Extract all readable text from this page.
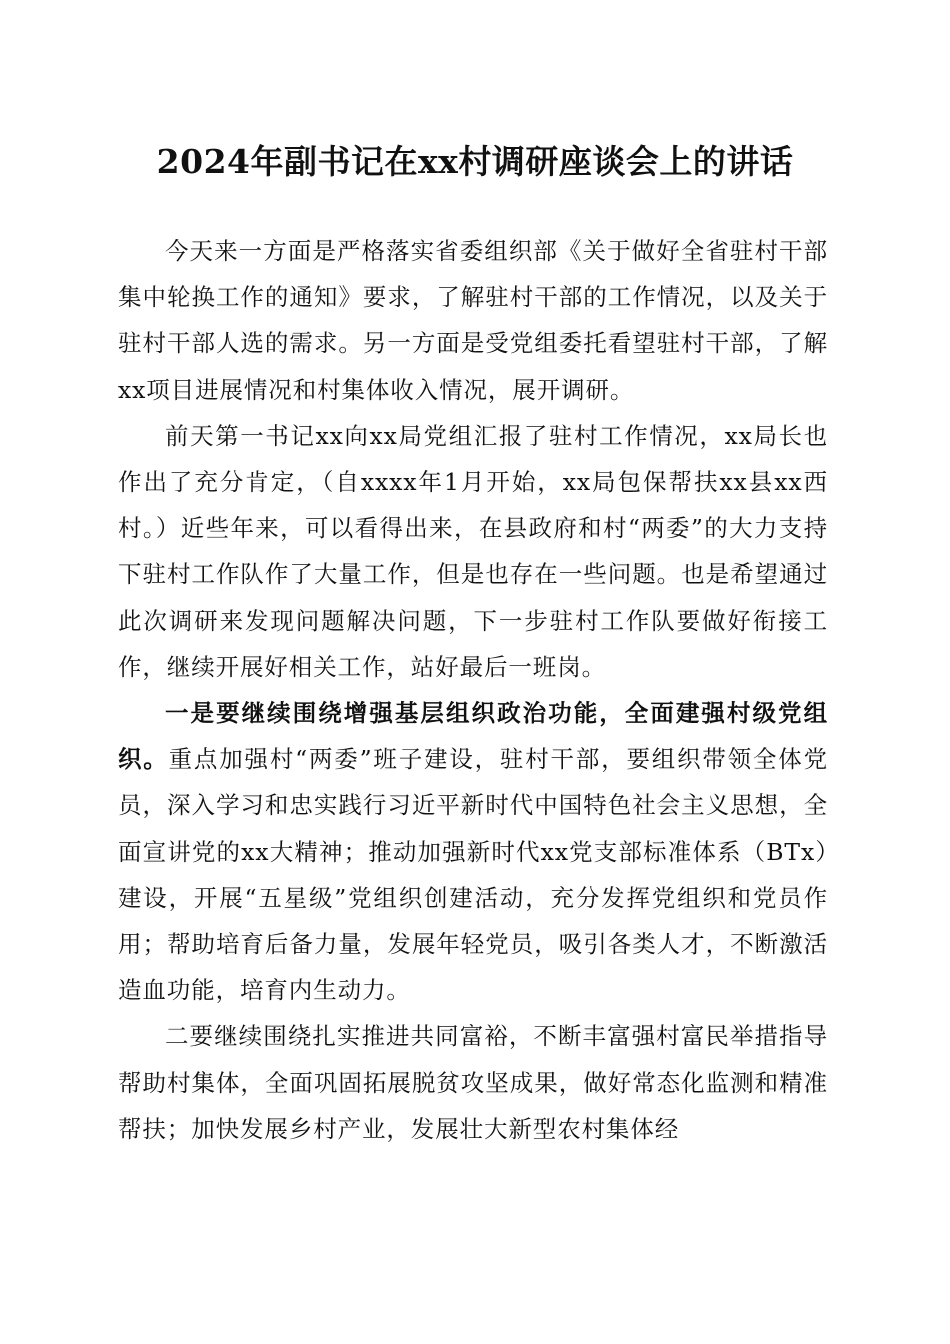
2024年副书记在xx村调研座谈会上的讲话

今天来一方面是严格落实省委组织部《关于做好全省驻村干部集中轮换工作的通知》要求，了解驻村干部的工作情况，以及关于驻村干部人选的需求。另一方面是受党组委托看望驻村干部，了解xx项目进展情况和村集体收入情况，展开调研。

前天第一书记xx向xx局党组汇报了驻村工作情况，xx局长也作出了充分肯定，（自xxxx年1月开始，xx局包保帮扶xx县xx西村。）近些年来，可以看得出来，在县政府和村“两委”的大力支持下驻村工作队作了大量工作，但是也存在一些问题。也是希望通过此次调研来发现问题解决问题，下一步驻村工作队要做好衔接工作，继续开展好相关工作，站好最后一班岗。

一是要继续围绕增强基层组织政治功能，全面建强村级党组织。重点加强村“两委”班子建设，驻村干部，要组织带领全体党员，深入学习和忠实践行习近平新时代中国特色社会主义思想，全面宣讲党的xx大精神；推动加强新时代xx党支部标准体系（BTx）建设，开展“五星级”党组织创建活动，充分发挥党组织和党员作用；帮助培育后备力量，发展年轻党员，吸引各类人才，不断激活造血功能，培育内生动力。

二要继续围绕扎实推进共同富裕，不断丰富强村富民举措指导帮助村集体，全面巩固拓展脱贫攻坚成果，做好常态化监测和精准帮扶；加快发展乡村产业，发展壮大新型农村集体经
